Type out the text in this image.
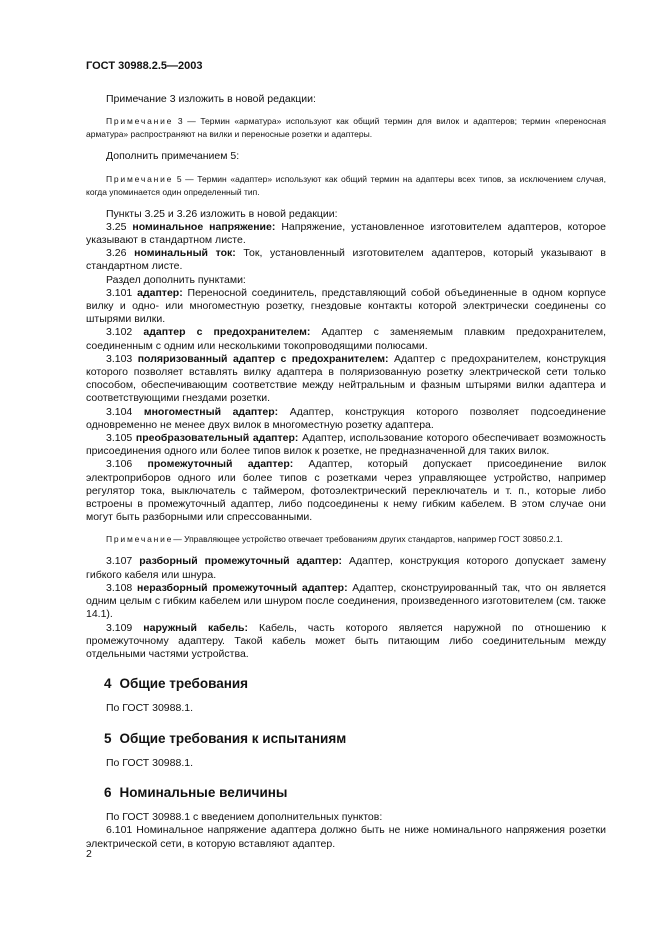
ГОСТ 30988.2.5—2003

Примечание 3 изложить в новой редакции:

Примечание 3 — Термин «арматура» используют как общий термин для вилок и адаптеров; термин «переносная арматура» распространяют на вилки и переносные розетки и адаптеры.

Дополнить примечанием 5:

Примечание 5 — Термин «адаптер» используют как общий термин на адаптеры всех типов, за исключением случая, когда упоминается один определенный тип.

Пункты 3.25 и 3.26 изложить в новой редакции:

3.25 номинальное напряжение: Напряжение, установленное изготовителем адаптеров, которое указывают в стандартном листе.

3.26 номинальный ток: Ток, установленный изготовителем адаптеров, который указывают в стандартном листе.

Раздел дополнить пунктами:

3.101 адаптер: Переносной соединитель, представляющий собой объединенные в одном корпусе вилку и одно- или многоместную розетку, гнездовые контакты которой электрически соединены со штырями вилки.

3.102 адаптер с предохранителем: Адаптер с заменяемым плавким предохранителем, соединенным с одним или несколькими токопроводящими полюсами.

3.103 поляризованный адаптер с предохранителем: Адаптер с предохранителем, конструкция которого позволяет вставлять вилку адаптера в поляризованную розетку электрической сети только способом, обеспечивающим соответствие между нейтральным и фазным штырями вилки адаптера и соответствующими гнездами розетки.

3.104 многоместный адаптер: Адаптер, конструкция которого позволяет подсоединение одновременно не менее двух вилок в многоместную розетку адаптера.

3.105 преобразовательный адаптер: Адаптер, использование которого обеспечивает возможность присоединения одного или более типов вилок к розетке, не предназначенной для таких вилок.

3.106 промежуточный адаптер: Адаптер, который допускает присоединение вилок электроприборов одного или более типов с розетками через управляющее устройство, например регулятор тока, выключатель с таймером, фотоэлектрический переключатель и т. п., которые либо встроены в промежуточный адаптер, либо подсоединены к нему гибким кабелем. В этом случае они могут быть разборными или спрессованными.

Примечание— Управляющее устройство отвечает требованиям других стандартов, например ГОСТ 30850.2.1.

3.107 разборный промежуточный адаптер: Адаптер, конструкция которого допускает замену гибкого кабеля или шнура.

3.108 неразборный промежуточный адаптер: Адаптер, сконструированный так, что он является одним целым с гибким кабелем или шнуром после соединения, произведенного изготовителем (см. также 14.1).

3.109 наружный кабель: Кабель, часть которого является наружной по отношению к промежуточному адаптеру. Такой кабель может быть питающим либо соединительным между отдельными частями устройства.

4 Общие требования

По ГОСТ 30988.1.

5 Общие требования к испытаниям

По ГОСТ 30988.1.

6 Номинальные величины

По ГОСТ 30988.1 с введением дополнительных пунктов:

6.101 Номинальное напряжение адаптера должно быть не ниже номинального напряжения розетки электрической сети, в которую вставляют адаптер.

2
